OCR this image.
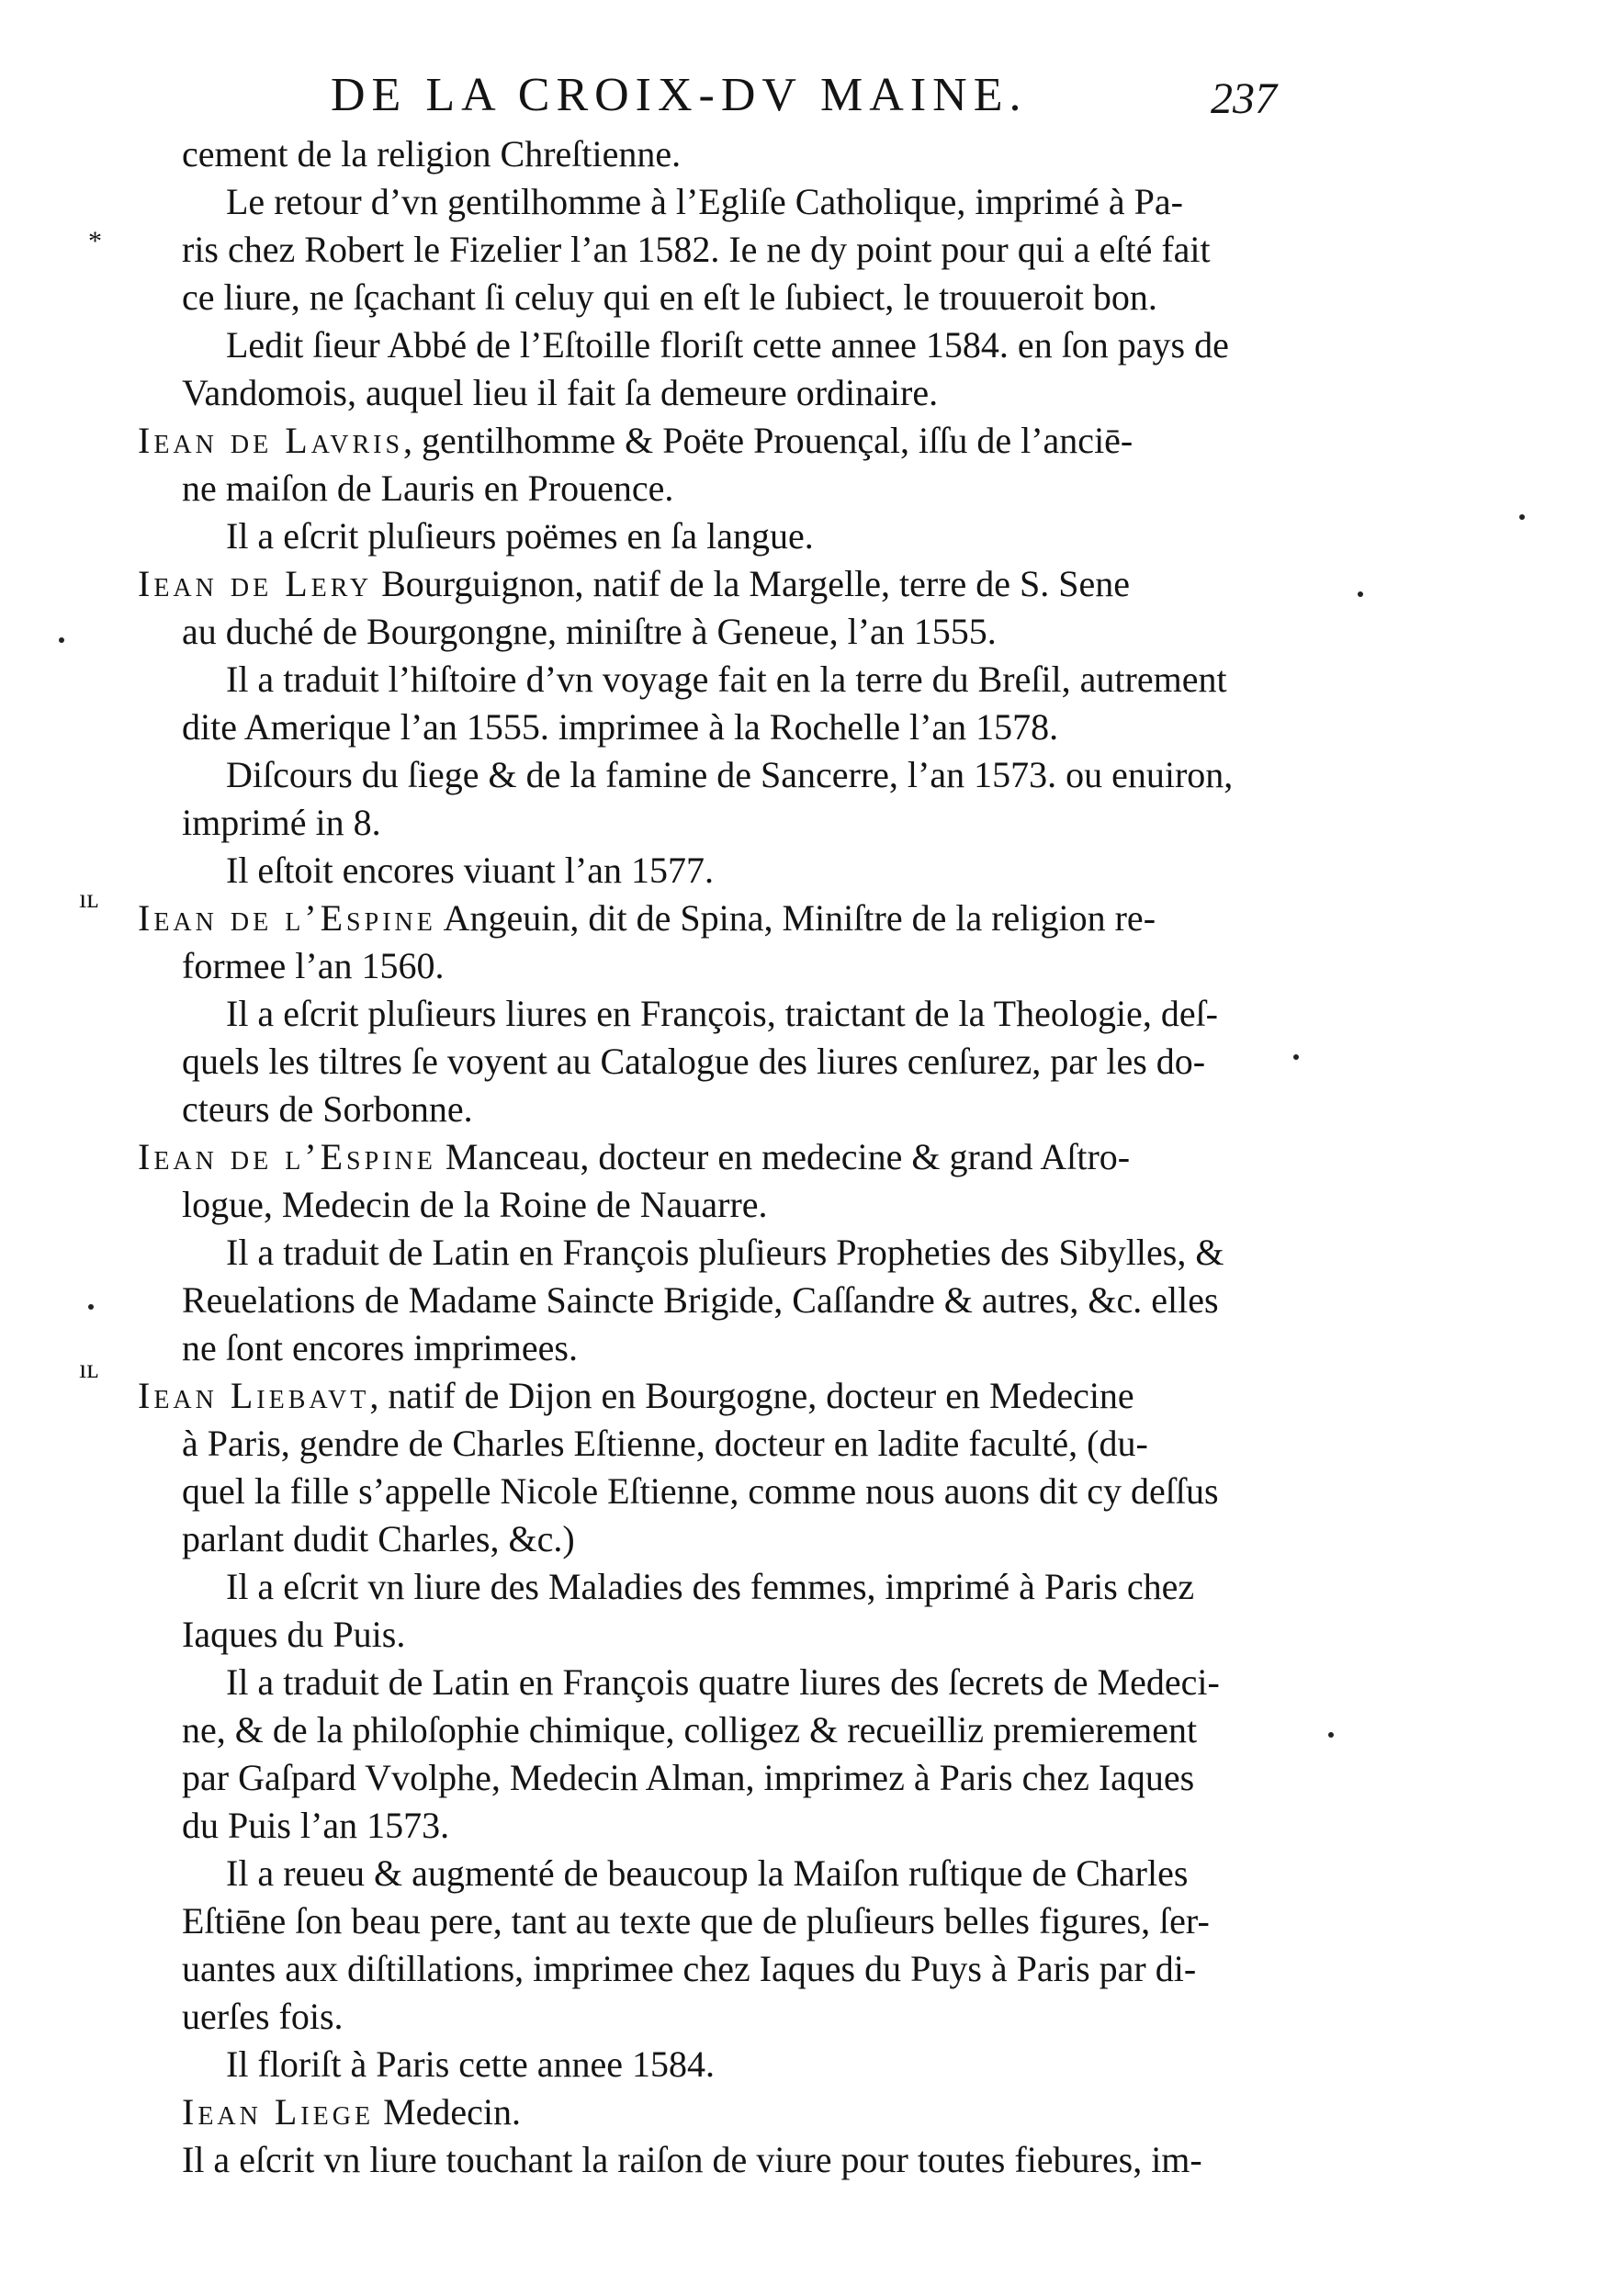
DE LA CROIX-DV MAINE.	237
*
ıʟ
ıʟ
cement de la religion Chreſtienne.
Le retour d’vn gentilhomme à l’Egliſe Catholique, imprimé à Pa-
ris chez Robert le Fizelier l’an 1582. Ie ne dy point pour qui a eſté fait
ce liure, ne ſçachant ſi celuy qui en eſt le ſubiect, le trouueroit bon.
Ledit ſieur Abbé de l’Eſtoille floriſt cette annee 1584. en ſon pays de
Vandomois, auquel lieu il fait ſa demeure ordinaire.
Iean de Lavris, gentilhomme & Poëte Prouençal, iſſu de l’anciē-
ne maiſon de Lauris en Prouence.
Il a eſcrit pluſieurs poëmes en ſa langue.
Iean de Lery Bourguignon, natif de la Margelle, terre de S. Sene
au duché de Bourgongne, miniſtre à Geneue, l’an 1555.
Il a traduit l’hiſtoire d’vn voyage fait en la terre du Breſil, autrement
dite Amerique l’an 1555. imprimee à la Rochelle l’an 1578.
Diſcours du ſiege & de la famine de Sancerre, l’an 1573. ou enuiron,
imprimé in 8.
Il eſtoit encores viuant l’an 1577.
Iean de l’Espine Angeuin, dit de Spina, Miniſtre de la religion re-
formee l’an 1560.
Il a eſcrit pluſieurs liures en François, traictant de la Theologie, deſ-
quels les tiltres ſe voyent au Catalogue des liures cenſurez, par les do-
cteurs de Sorbonne.
Iean de l’Espine Manceau, docteur en medecine & grand Aſtro-
logue, Medecin de la Roine de Nauarre.
Il a traduit de Latin en François pluſieurs Propheties des Sibylles, &
Reuelations de Madame Saincte Brigide, Caſſandre & autres, &c. elles
ne ſont encores imprimees.
Iean Liebavt, natif de Dijon en Bourgogne, docteur en Medecine
à Paris, gendre de Charles Eſtienne, docteur en ladite faculté, (du-
quel la fille s’appelle Nicole Eſtienne, comme nous auons dit cy deſſus
parlant dudit Charles, &c.)
Il a eſcrit vn liure des Maladies des femmes, imprimé à Paris chez
Iaques du Puis.
Il a traduit de Latin en François quatre liures des ſecrets de Medeci-
ne, & de la philoſophie chimique, colligez & recueilliz premierement
par Gaſpard Vvolphe, Medecin Alman, imprimez à Paris chez Iaques
du Puis l’an 1573.
Il a reueu & augmenté de beaucoup la Maiſon ruſtique de Charles
Eſtiēne ſon beau pere, tant au texte que de pluſieurs belles figures, ſer-
uantes aux diſtillations, imprimee chez Iaques du Puys à Paris par di-
uerſes fois.
Il floriſt à Paris cette annee 1584.
Iean Liege Medecin.
Il a eſcrit vn liure touchant la raiſon de viure pour toutes fiebures, im-
